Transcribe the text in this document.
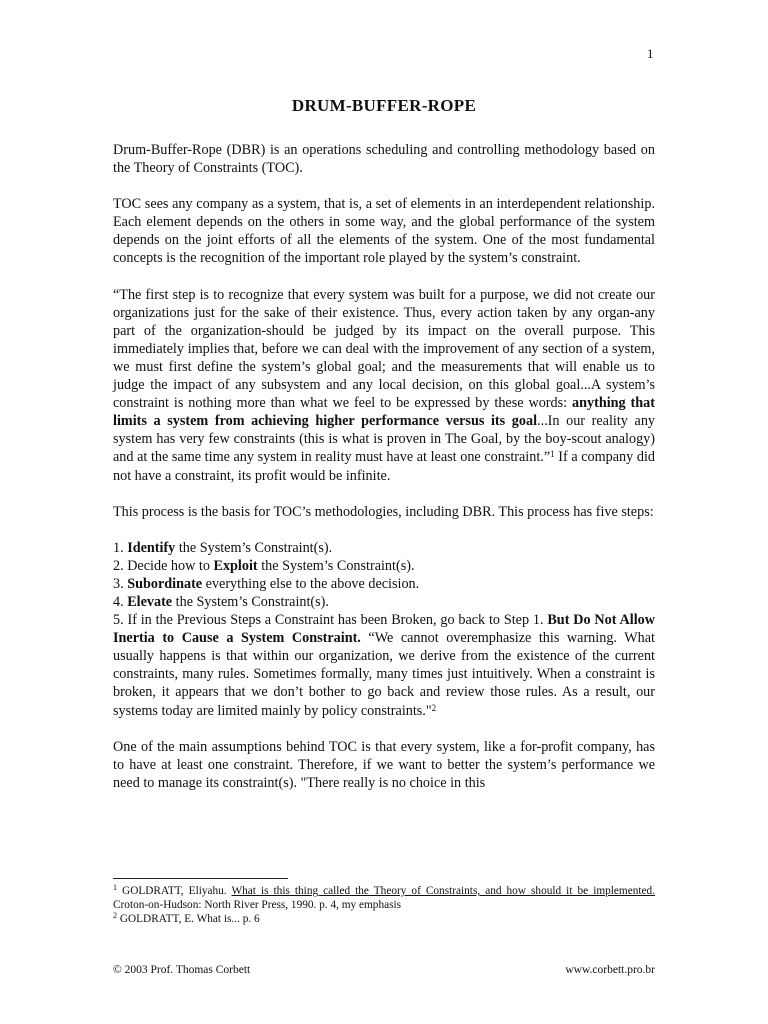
1
DRUM-BUFFER-ROPE

Drum-Buffer-Rope (DBR) is an operations scheduling and controlling methodology based on the Theory of Constraints (TOC).

TOC sees any company as a system, that is, a set of elements in an interdependent relationship. Each element depends on the others in some way, and the global performance of the system depends on the joint efforts of all the elements of the system. One of the most fundamental concepts is the recognition of the important role played by the system’s constraint.

“The first step is to recognize that every system was built for a purpose, we did not create our organizations just for the sake of their existence. Thus, every action taken by any organ-any part of the organization-should be judged by its impact on the overall purpose. This immediately implies that, before we can deal with the improvement of any section of a system, we must first define the system’s global goal; and the measurements that will enable us to judge the impact of any subsystem and any local decision, on this global goal...A system’s constraint is nothing more than what we feel to be expressed by these words: anything that limits a system from achieving higher performance versus its goal...In our reality any system has very few constraints (this is what is proven in The Goal, by the boy-scout analogy) and at the same time any system in reality must have at least one constraint.”$^1$ If a company did not have a constraint, its profit would be infinite.

This process is the basis for TOC’s methodologies, including DBR. This process has five steps:

1. Identify the System’s Constraint(s).
2. Decide how to Exploit the System’s Constraint(s).
3. Subordinate everything else to the above decision.
4. Elevate the System’s Constraint(s).
5. If in the Previous Steps a Constraint has been Broken, go back to Step 1. But Do Not Allow Inertia to Cause a System Constraint. “We cannot overemphasize this warning. What usually happens is that within our organization, we derive from the existence of the current constraints, many rules. Sometimes formally, many times just intuitively. When a constraint is broken, it appears that we don’t bother to go back and review those rules. As a result, our systems today are limited mainly by policy constraints."$^2$

One of the main assumptions behind TOC is that every system, like a for-profit company, has to have at least one constraint. Therefore, if we want to better the system’s performance we need to manage its constraint(s). "There really is no choice in this

$^1$ GOLDRATT, Eliyahu. What is this thing called the Theory of Constraints, and how should it be implemented. Croton-on-Hudson: North River Press, 1990. p. 4, my emphasis

$^2$ GOLDRATT, E. What is... p. 6

© 2003 Prof. Thomas Corbett	www.corbett.pro.br
